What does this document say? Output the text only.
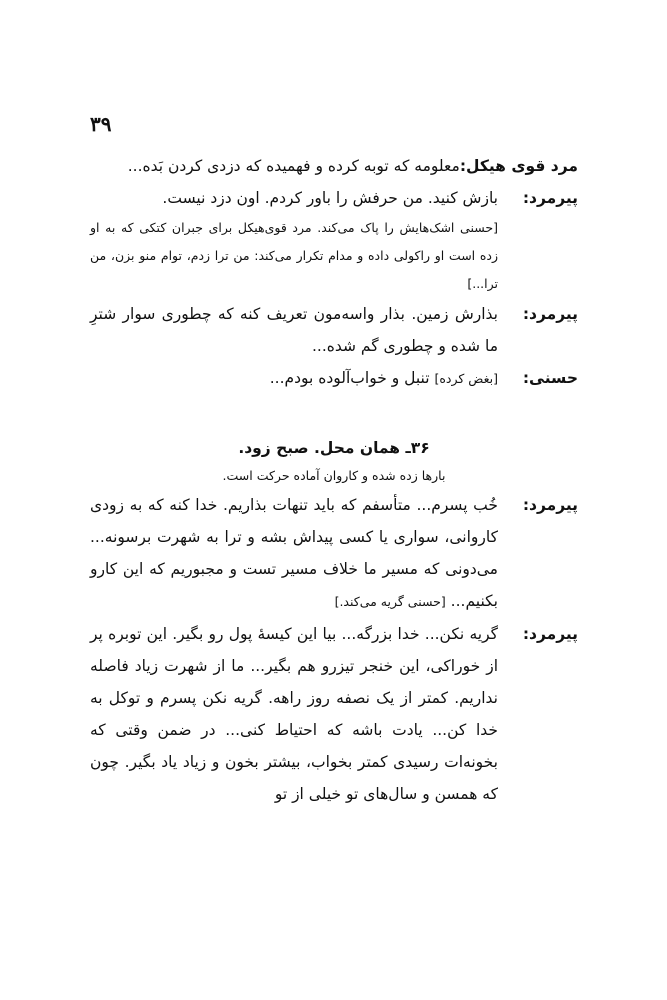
۳۹
مرد قوی هیکل:
معلومه که توبه کرده و فهمیده که دزدی کردن بَده...
پیرمرد:
بازش کنید. من حرفش را باور کردم. اون دزد نیست.
[حسنی اشک‌هایش را پاک می‌کند. مرد قوی‌هیکل برای جبران کتکی که به او زده است او راکولی داده و مدام تکرار می‌کند: من ترا زدم، توام منو بزن، من ترا...]
پیرمرد:
بذارش زمین. بذار واسه‌مون تعریف کنه که چطوری سوار شترِ ما شده و چطوری گم شده...
حسنی:
[بغض کرده] تنبل و خواب‌آلوده بودم...
۳۶ـ همان محل. صبح زود.
بارها زده شده و کاروان آماده حرکت است.
پیرمرد:
خُب پسرم... متأسفم که باید تنهات بذاریم. خدا کنه که به زودی کاروانی، سواری یا کسی پیداش بشه و ترا به شهرت برسونه... می‌دونی که مسیر ما خلاف مسیر تست و مجبوریم که این کارو بکنیم... [حسنی گریه می‌کند.]
پیرمرد:
گریه نکن... خدا بزرگه... بیا این کیسهٔ پول رو بگیر. این توبره پر از خوراکی، این خنجر تیزرو هم بگیر... ما از شهرت زیاد فاصله نداریم. کمتر از یک نصفه روز راهه. گریه نکن پسرم و توکل به خدا کن... یادت باشه که احتیاط کنی... در ضمن وقتی که بخونه‌ات رسیدی کمتر بخواب، بیشتر بخون و زیاد یاد بگیر. چون که همسن و سال‌های تو خیلی از تو
